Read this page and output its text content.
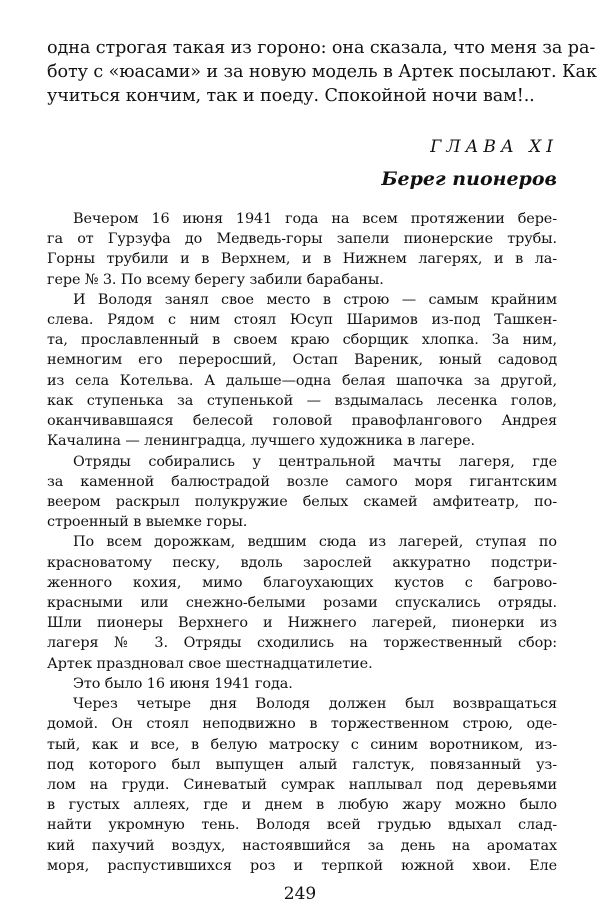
одна строгая такая из гороно: она сказала, что меня за ра-
боту с «юасами» и за новую модель в Артек посылают. Как
учиться кончим, так и поеду. Спокойной ночи вам!..
ГЛАВА XI
Берег пионеров
Вечером 16 июня 1941 года на всем протяжении бере-
га от Гурзуфа до Медведь-горы запели пионерские трубы.
Горны трубили и в Верхнем, и в Нижнем лагерях, и в ла-
гере № 3. По всему берегу забили барабаны.
И Володя занял свое место в строю — самым крайним
слева. Рядом с ним стоял Юсуп Шаримов из-под Ташкен-
та, прославленный в своем краю сборщик хлопка. За ним,
немногим его переросший, Остап Вареник, юный садовод
из села Котельва. А дальше—одна белая шапочка за другой,
как ступенька за ступенькой — вздымалась лесенка голов,
оканчивавшаяся белесой головой правофлангового Андрея
Качалина — ленинградца, лучшего художника в лагере.
Отряды собирались у центральной мачты лагеря, где
за каменной балюстрадой возле самого моря гигантским
веером раскрыл полукружие белых скамей амфитеатр, по-
строенный в выемке горы.
По всем дорожкам, ведшим сюда из лагерей, ступая по
красноватому песку, вдоль зарослей аккуратно подстри-
женного кохия, мимо благоухающих кустов с багрово-
красными или снежно-белыми розами спускались отряды.
Шли пионеры Верхнего и Нижнего лагерей, пионерки из
лагеря № 3. Отряды сходились на торжественный сбор:
Артек праздновал свое шестнадцатилетие.
Это было 16 июня 1941 года.
249
Через четыре дня Володя должен был возвращаться
домой. Он стоял неподвижно в торжественном строю, оде-
тый, как и все, в белую матроску с синим воротником, из-
под которого был выпущен алый галстук, повязанный уз-
лом на груди. Синеватый сумрак наплывал под деревьями
в густых аллеях, где и днем в любую жару можно было
найти укромную тень. Володя всей грудью вдыхал слад-
кий пахучий воздух, настоявшийся за день на ароматах
моря, распустившихся роз и терпкой южной хвои. Еле
